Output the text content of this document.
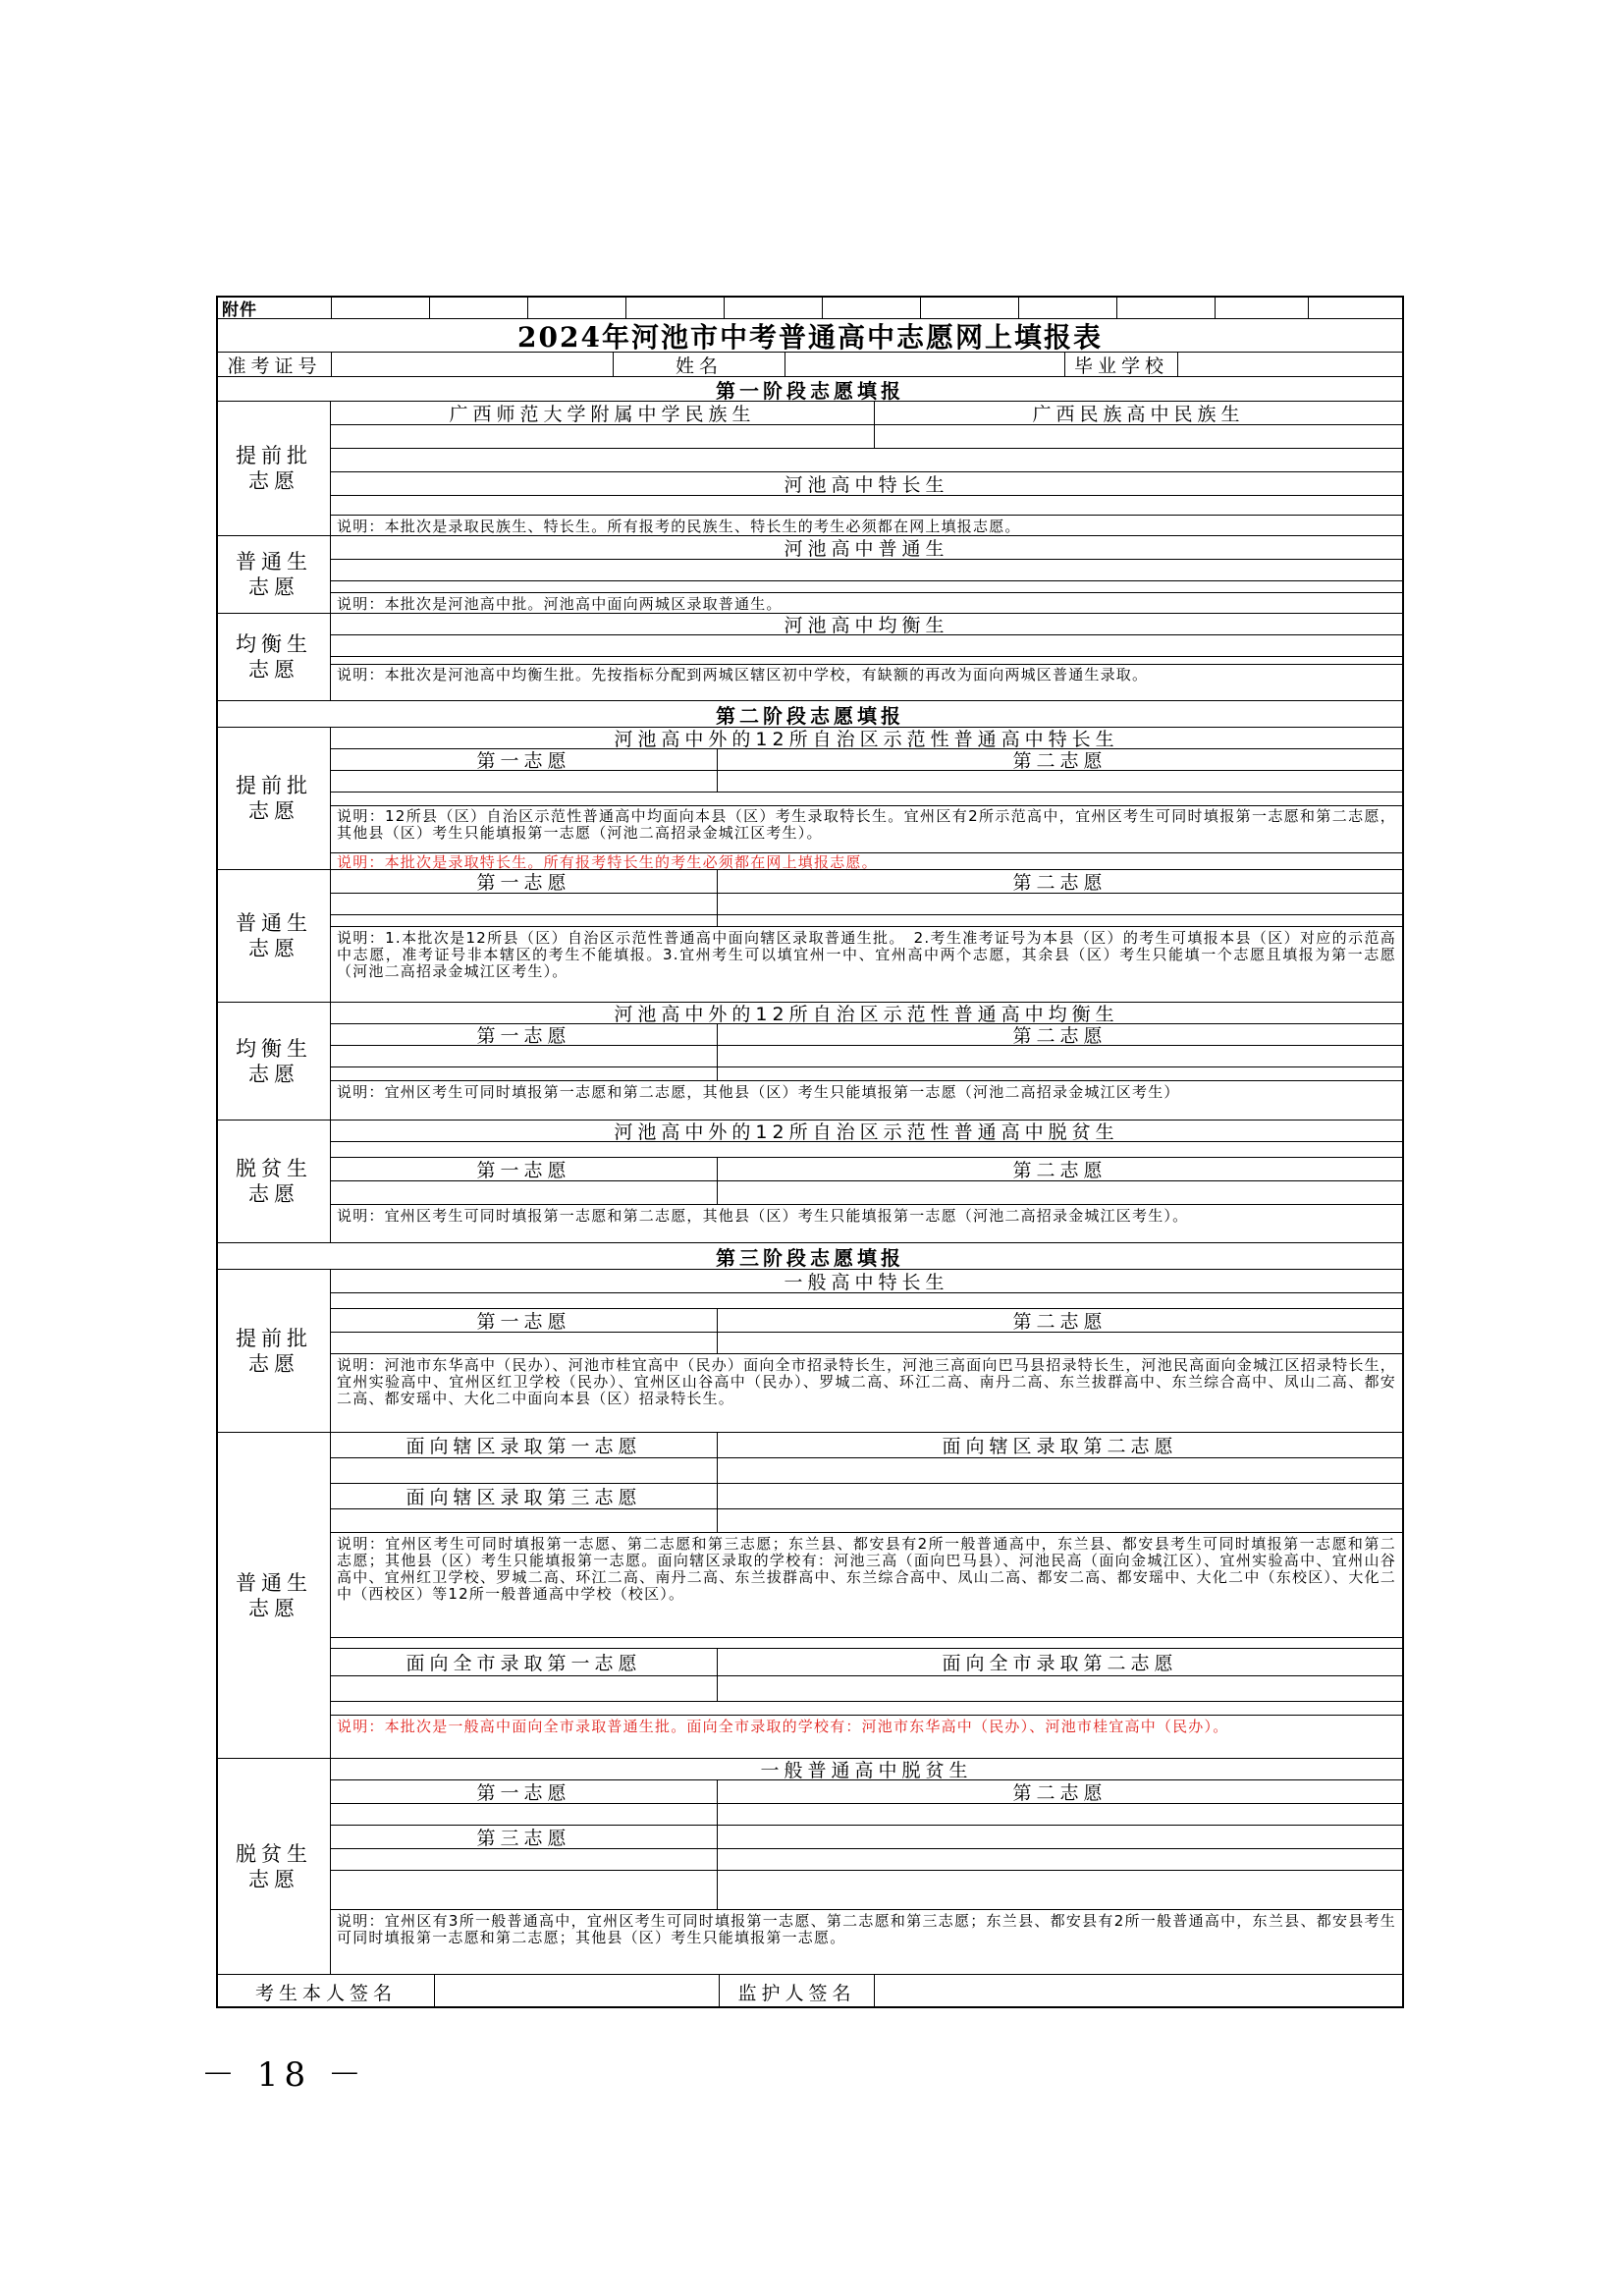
附件
2024年河池市中考普通高中志愿网上填报表
准考证号	姓名	毕业学校
第一阶段志愿填报
提前批
志愿
广西师范大学附属中学民族生	广西民族高中民族生
河池高中特长生
说明：本批次是录取民族生、特长生。所有报考的民族生、特长生的考生必须都在网上填报志愿。
普通生
志愿
河池高中普通生
说明：本批次是河池高中批。河池高中面向两城区录取普通生。
均衡生
志愿
河池高中均衡生
说明：本批次是河池高中均衡生批。先按指标分配到两城区辖区初中学校，有缺额的再改为面向两城区普通生录取。
第二阶段志愿填报
提前批
志愿
河池高中外的12所自治区示范性普通高中特长生
第一志愿	第二志愿
说明：12所县（区）自治区示范性普通高中均面向本县（区）考生录取特长生。宜州区有2所示范高中，宜州区考生可同时填报第一志愿和第二志愿，其他县（区）考生只能填报第一志愿（河池二高招录金城江区考生）。
说明：本批次是录取特长生。所有报考特长生的考生必须都在网上填报志愿。
普通生
志愿
第一志愿	第二志愿
说明：1.本批次是12所县（区）自治区示范性普通高中面向辖区录取普通生批。　2.考生准考证号为本县（区）的考生可填报本县（区）对应的示范高中志愿，准考证号非本辖区的考生不能填报。3.宜州考生可以填宜州一中、宜州高中两个志愿，其余县（区）考生只能填一个志愿且填报为第一志愿（河池二高招录金城江区考生）。
均衡生
志愿
河池高中外的12所自治区示范性普通高中均衡生
第一志愿	第二志愿
说明：宜州区考生可同时填报第一志愿和第二志愿，其他县（区）考生只能填报第一志愿（河池二高招录金城江区考生）
脱贫生
志愿
河池高中外的12所自治区示范性普通高中脱贫生
第一志愿	第二志愿
说明：宜州区考生可同时填报第一志愿和第二志愿，其他县（区）考生只能填报第一志愿（河池二高招录金城江区考生）。
第三阶段志愿填报
提前批
志愿
一般高中特长生
第一志愿	第二志愿
说明：河池市东华高中（民办）、河池市桂宜高中（民办）面向全市招录特长生，河池三高面向巴马县招录特长生，河池民高面向金城江区招录特长生，宜州实验高中、宜州区红卫学校（民办）、宜州区山谷高中（民办）、罗城二高、环江二高、南丹二高、东兰拔群高中、东兰综合高中、凤山二高、都安二高、都安瑶中、大化二中面向本县（区）招录特长生。
普通生
志愿
面向辖区录取第一志愿	面向辖区录取第二志愿
面向辖区录取第三志愿
说明：宜州区考生可同时填报第一志愿、第二志愿和第三志愿；东兰县、都安县有2所一般普通高中，东兰县、都安县考生可同时填报第一志愿和第二志愿；其他县（区）考生只能填报第一志愿。面向辖区录取的学校有：河池三高（面向巴马县）、河池民高（面向金城江区）、宜州实验高中、宜州山谷高中、宜州红卫学校、罗城二高、环江二高、南丹二高、东兰拔群高中、东兰综合高中、凤山二高、都安二高、都安瑶中、大化二中（东校区）、大化二中（西校区）等12所一般普通高中学校（校区）。
面向全市录取第一志愿	面向全市录取第二志愿
说明：本批次是一般高中面向全市录取普通生批。面向全市录取的学校有：河池市东华高中（民办）、河池市桂宜高中（民办）。
脱贫生
志愿
一般普通高中脱贫生
第一志愿	第二志愿
第三志愿
说明：宜州区有3所一般普通高中，宜州区考生可同时填报第一志愿、第二志愿和第三志愿；东兰县、都安县有2所一般普通高中，东兰县、都安县考生可同时填报第一志愿和第二志愿；其他县（区）考生只能填报第一志愿。
考生本人签名	监护人签名
－ 18 －
